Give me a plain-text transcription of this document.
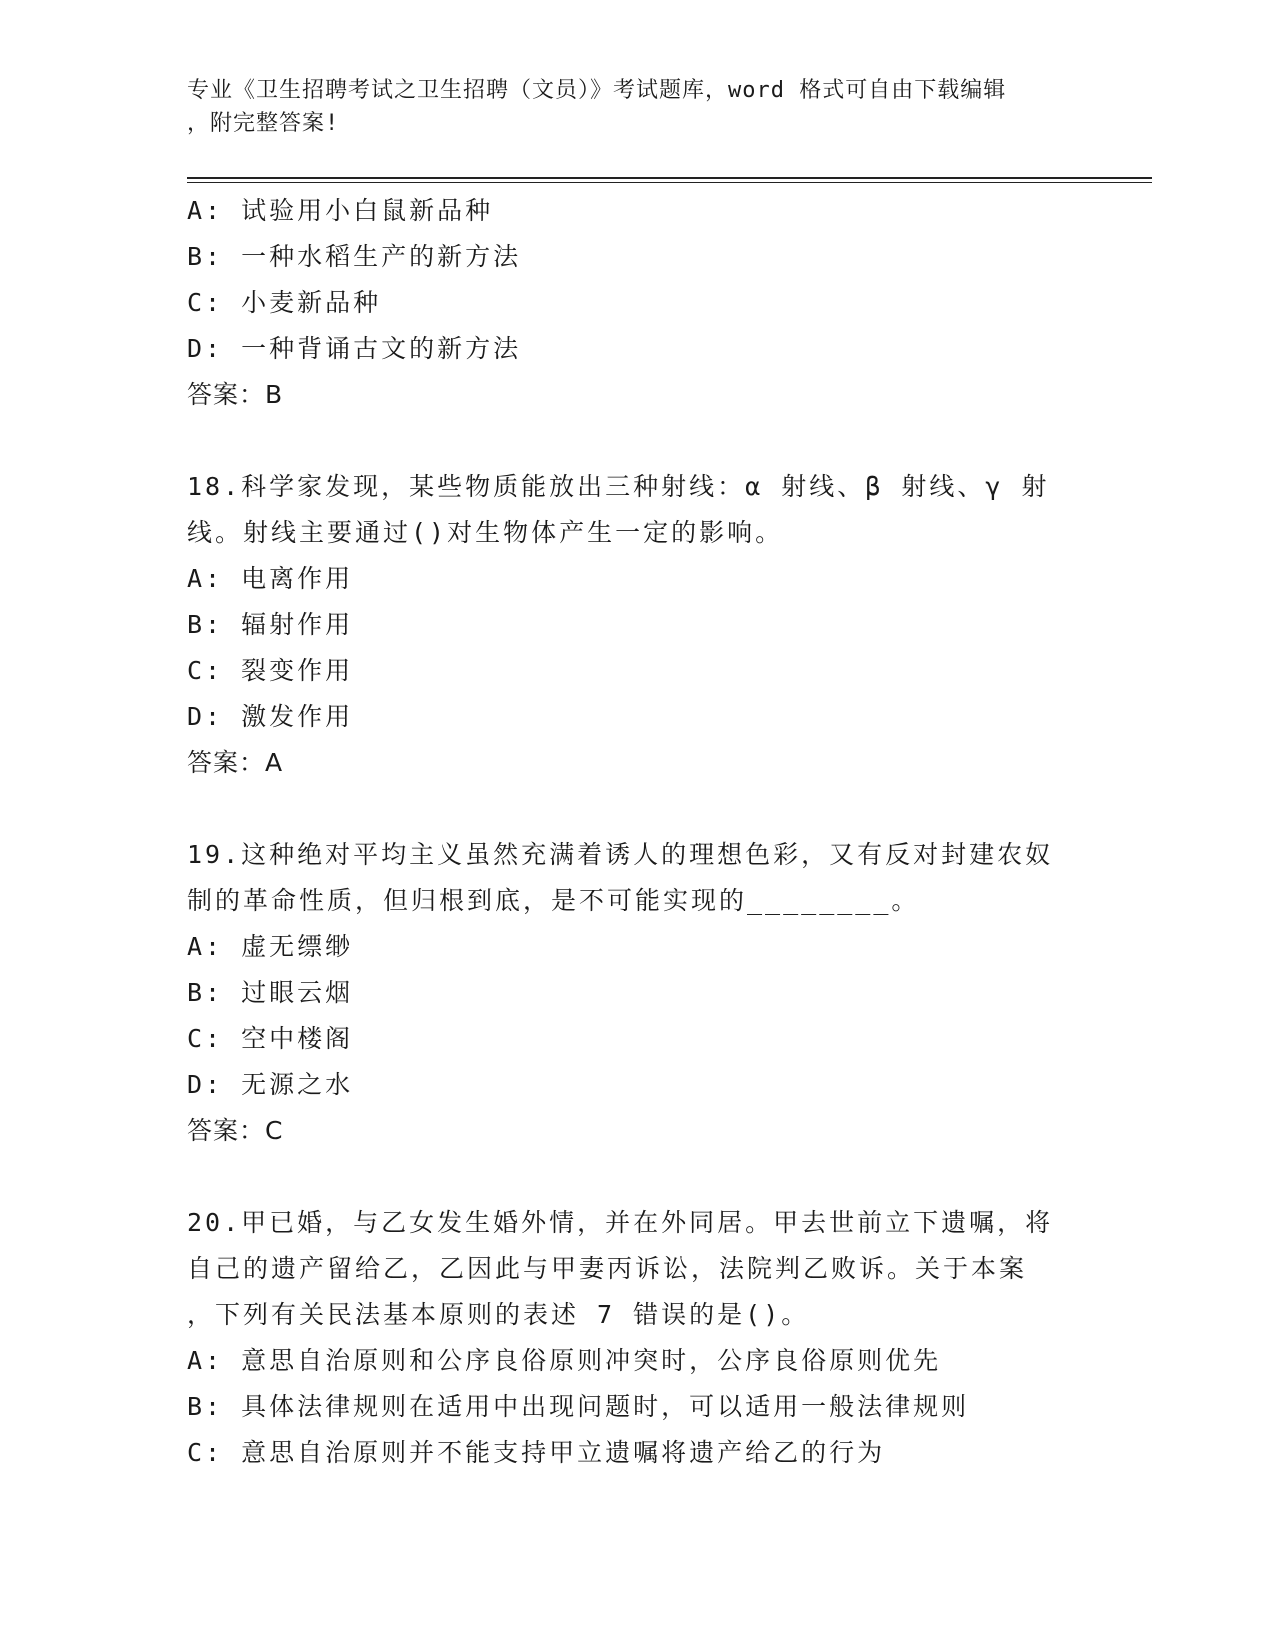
专业《卫生招聘考试之卫生招聘（文员）》考试题库，word 格式可自由下载编辑
，附完整答案!
A: 试验用小白鼠新品种
B: 一种水稻生产的新方法
C: 小麦新品种
D: 一种背诵古文的新方法
答案：B
18.科学家发现，某些物质能放出三种射线：α 射线、β 射线、γ 射
线。射线主要通过()对生物体产生一定的影响。
A: 电离作用
B: 辐射作用
C: 裂变作用
D: 激发作用
答案：A
19.这种绝对平均主义虽然充满着诱人的理想色彩，又有反对封建农奴
制的革命性质，但归根到底，是不可能实现的________。
A: 虚无缥缈
B: 过眼云烟
C: 空中楼阁
D: 无源之水
答案：C
20.甲已婚，与乙女发生婚外情，并在外同居。甲去世前立下遗嘱，将
自己的遗产留给乙，乙因此与甲妻丙诉讼，法院判乙败诉。关于本案
，下列有关民法基本原则的表述 7 错误的是()。
A: 意思自治原则和公序良俗原则冲突时，公序良俗原则优先
B: 具体法律规则在适用中出现问题时，可以适用一般法律规则
C: 意思自治原则并不能支持甲立遗嘱将遗产给乙的行为
